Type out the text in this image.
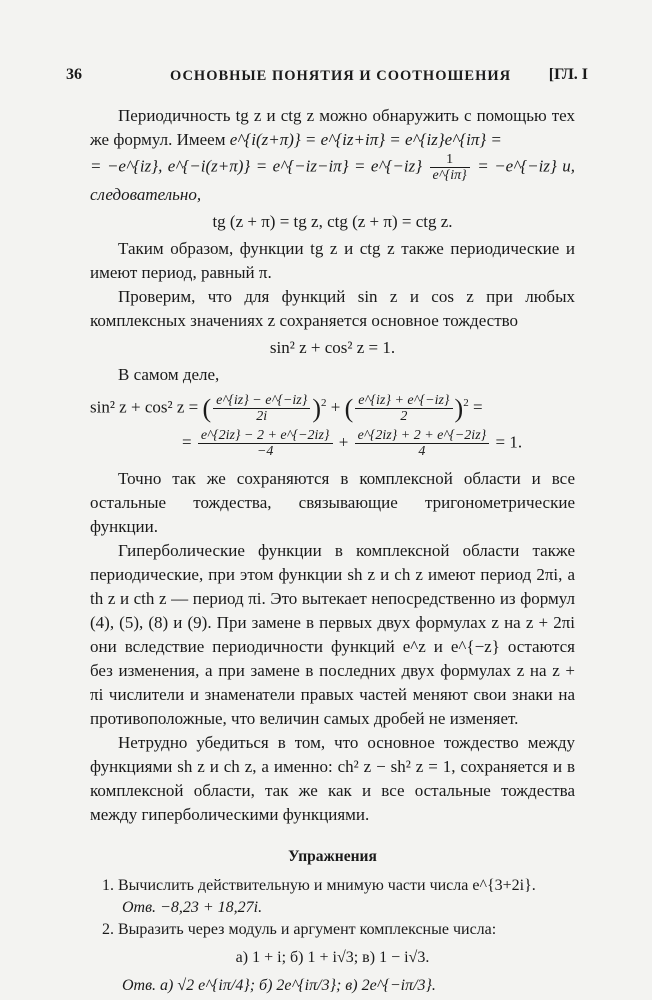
36	ОСНОВНЫЕ ПОНЯТИЯ И СООТНОШЕНИЯ [ГЛ. I

Периодичность tg z и ctg z можно обнаружить с помощью тех же формул. Имеем e^{i(z+π)} = e^{iz+iπ} = e^{iz}e^{iπ} =

= −e^{iz}, e^{−i(z+π)} = e^{−iz−iπ} = e^{−iz} $\frac{1}{e\^{}\{i\pi\}}$ = −e^{−iz} и, следовательно,

tg (z + π) = tg z, ctg (z + π) = ctg z.

Таким образом, функции tg z и ctg z также периодические и имеют период, равный π.

Проверим, что для функций sin z и cos z при любых комплексных значениях z сохраняется основное тождество

sin² z + cos² z = 1.

В самом деле,

sin² z + cos² z = ( $\frac{e\^{}\{iz\} - e\^{}\{-iz\}}{2i} )^2$ + ( $\frac{e\^{}\{iz\} + e\^{}\{-iz\}}{2} )^2$ =
= $\frac{e\^{}\{2iz\} - 2 + e\^{}\{-2iz\}}{-4} + \frac{e\^{}\{2iz\} + 2 + e\^{}\{-2iz\}}{4} = 1$.

Точно так же сохраняются в комплексной области и все остальные тождества, связывающие тригонометрические функции.

Гиперболические функции в комплексной области также периодические, при этом функции sh z и ch z имеют период 2πi, а th z и cth z — период πi. Это вытекает непосредственно из формул (4), (5), (8) и (9). При замене в первых двух формулах z на z + 2πi они вследствие периодичности функций e^z и e^{−z} остаются без изменения, а при замене в последних двух формулах z на z + πi числители и знаменатели правых частей меняют свои знаки на противоположные, что величин самых дробей не изменяет.

Нетрудно убедиться в том, что основное тождество между функциями sh z и ch z, а именно: ch² z − sh² z = 1, сохраняется и в комплексной области, так же как и все остальные тождества между гиперболическими функциями.

Упражнения

1. Вычислить действительную и мнимую части числа e^{3+2i}.

Отв. −8,23 + 18,27i.

2. Выразить через модуль и аргумент комплексные числа:

а) 1 + i; б) 1 + i√3; в) 1 − i√3.

Отв. а) √2 e^{iπ/4}; б) 2e^{iπ/3}; в) 2e^{−iπ/3}.
